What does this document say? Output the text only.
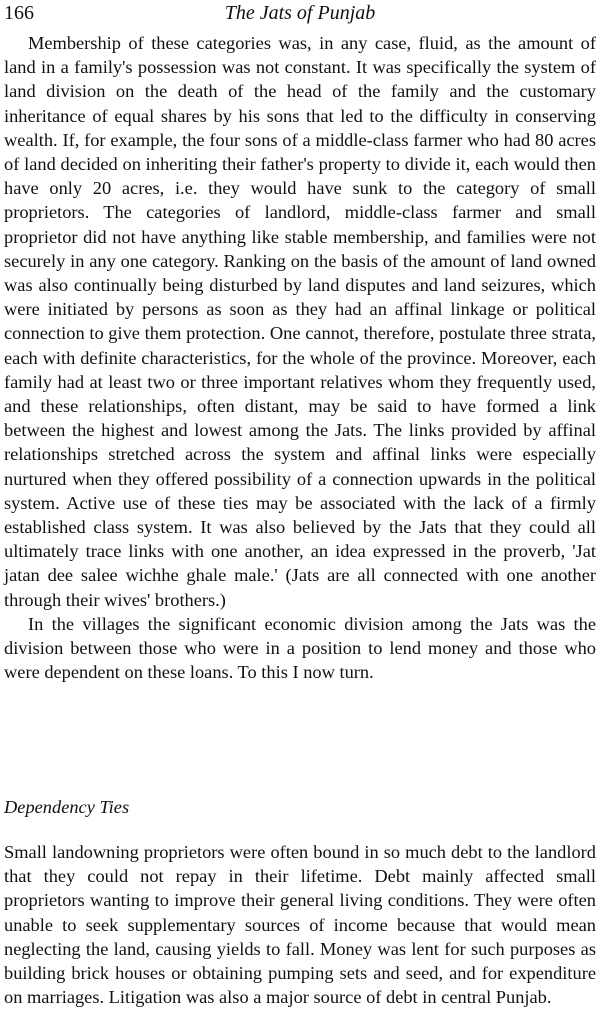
166	The Jats of Punjab

Membership of these categories was, in any case, fluid, as the amount of land in a family's possession was not constant. It was specifically the system of land division on the death of the head of the family and the customary inheritance of equal shares by his sons that led to the difficulty in conserving wealth. If, for example, the four sons of a middle-class farmer who had 80 acres of land decided on inheriting their father's property to divide it, each would then have only 20 acres, i.e. they would have sunk to the category of small proprietors. The categories of landlord, middle-class farmer and small proprietor did not have anything like stable membership, and families were not securely in any one category. Ranking on the basis of the amount of land owned was also continually being disturbed by land disputes and land seizures, which were initiated by persons as soon as they had an affinal linkage or political connection to give them protection. One cannot, therefore, postulate three strata, each with definite characteristics, for the whole of the province. Moreover, each family had at least two or three important relatives whom they frequently used, and these relationships, often distant, may be said to have formed a link between the highest and lowest among the Jats. The links provided by affinal relationships stretched across the system and affinal links were especially nurtured when they offered possibility of a connection upwards in the political system. Active use of these ties may be associated with the lack of a firmly established class system. It was also believed by the Jats that they could all ultimately trace links with one another, an idea expressed in the proverb, 'Jat jatan dee salee wichhe ghale male.' (Jats are all connected with one another through their wives' brothers.)

In the villages the significant economic division among the Jats was the division between those who were in a position to lend money and those who were dependent on these loans. To this I now turn.

Dependency Ties

Small landowning proprietors were often bound in so much debt to the landlord that they could not repay in their lifetime. Debt mainly affected small proprietors wanting to improve their general living conditions. They were often unable to seek supplementary sources of income because that would mean neglecting the land, causing yields to fall. Money was lent for such purposes as building brick houses or obtaining pumping sets and seed, and for expenditure on marriages. Litigation was also a major source of debt in central Punjab.
